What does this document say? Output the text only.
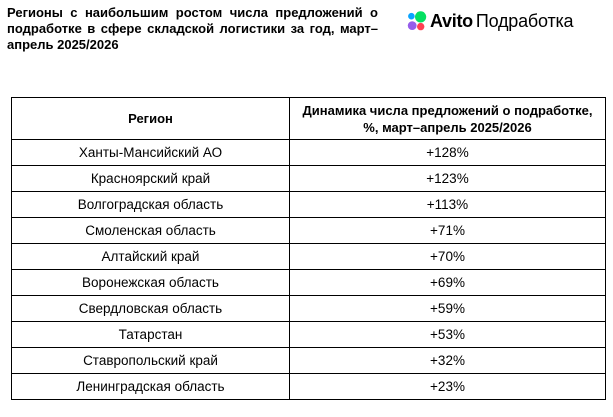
Регионы с наибольшим ростом числа предложений о подработке в сфере складской логистики за год, март–апрель 2025/2026

Avito Подработка
Регион	Динамика числа предложений о подработке, %, март–апрель 2025/2026
Ханты-Мансийский АО	+128%
Красноярский край	+123%
Волгоградская область	+113%
Смоленская область	+71%
Алтайский край	+70%
Воронежская область	+69%
Свердловская область	+59%
Татарстан	+53%
Ставропольский край	+32%
Ленинградская область	+23%
